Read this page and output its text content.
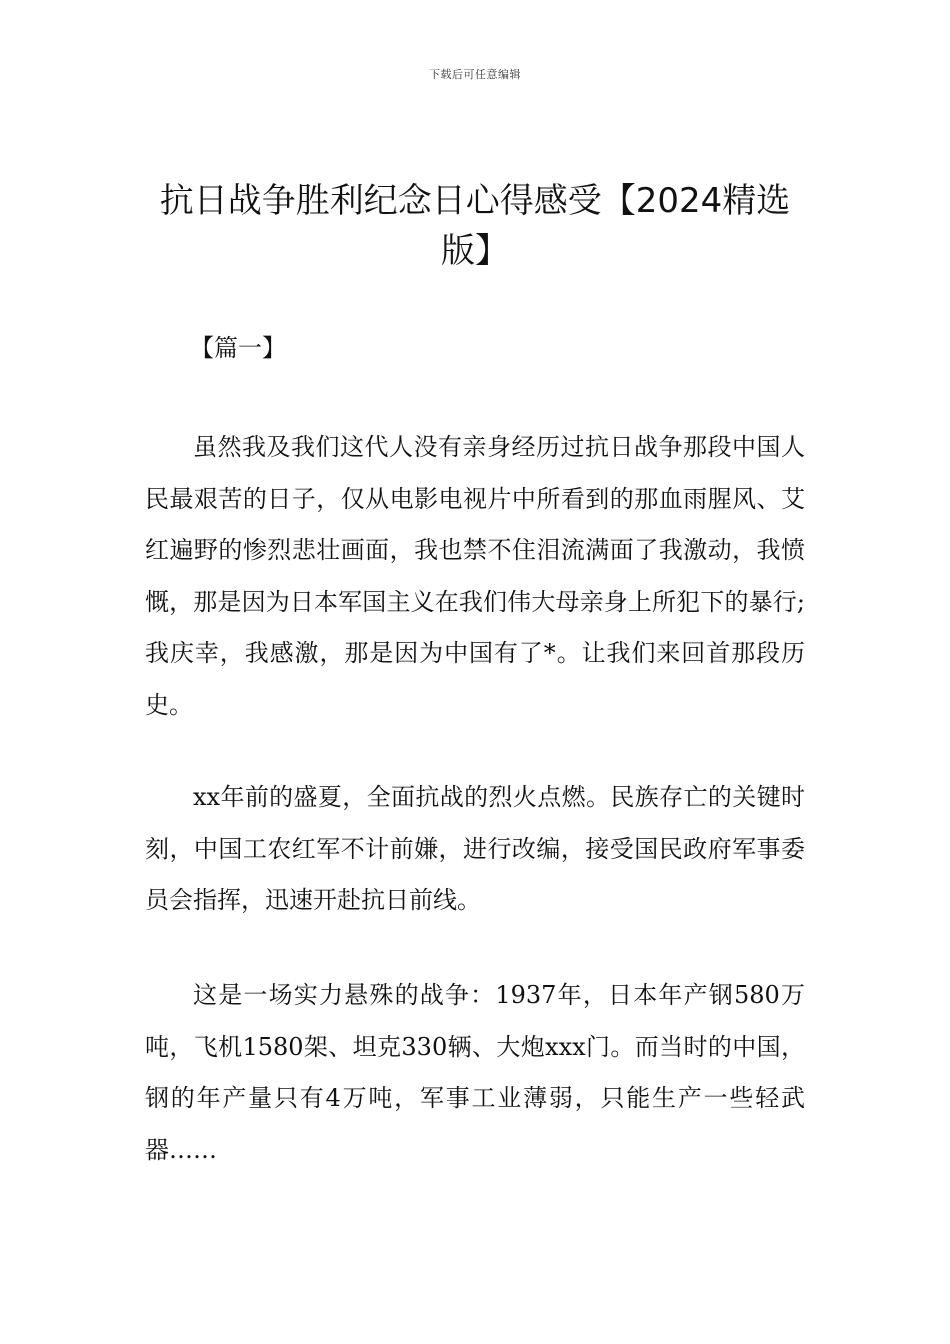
下载后可任意编辑
抗日战争胜利纪念日心得感受【2024精选版】
【篇一】

虽然我及我们这代人没有亲身经历过抗日战争那段中国人民最艰苦的日子，仅从电影电视片中所看到的那血雨腥风、艾红遍野的惨烈悲壮画面，我也禁不住泪流满面了我激动，我愤慨，那是因为日本军国主义在我们伟大母亲身上所犯下的暴行;我庆幸，我感激，那是因为中国有了*。让我们来回首那段历史。

xx年前的盛夏，全面抗战的烈火点燃。民族存亡的关键时刻，中国工农红军不计前嫌，进行改编，接受国民政府军事委员会指挥，迅速开赴抗日前线。

这是一场实力悬殊的战争：1937年，日本年产钢580万吨，飞机1580架、坦克330辆、大炮xxx门。而当时的中国，钢的年产量只有4万吨，军事工业薄弱，只能生产一些轻武器……
